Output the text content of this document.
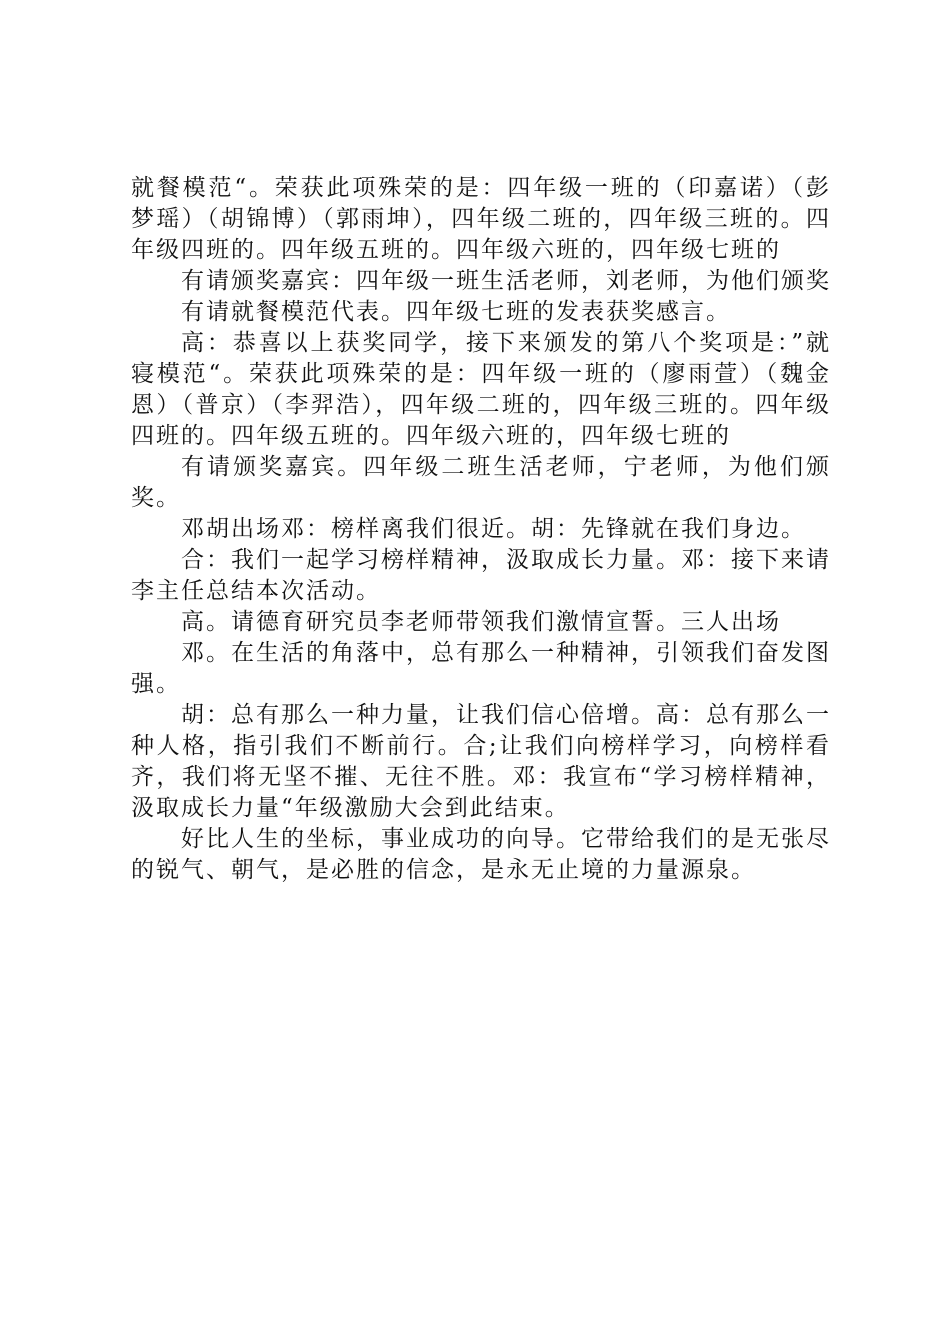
就餐模范“。荣获此项殊荣的是：四年级一班的（印嘉诺）（彭梦瑶）（胡锦博）（郭雨坤），四年级二班的，四年级三班的。四年级四班的。四年级五班的。四年级六班的，四年级七班的

有请颁奖嘉宾：四年级一班生活老师，刘老师，为他们颁奖

有请就餐模范代表。四年级七班的发表获奖感言。

高：恭喜以上获奖同学，接下来颁发的第八个奖项是：”就寝模范“。荣获此项殊荣的是：四年级一班的（廖雨萱）（魏金恩）（普京）（李羿浩），四年级二班的，四年级三班的。四年级四班的。四年级五班的。四年级六班的，四年级七班的

有请颁奖嘉宾。四年级二班生活老师，宁老师，为他们颁奖。

邓胡出场邓：榜样离我们很近。胡：先锋就在我们身边。

合：我们一起学习榜样精神，汲取成长力量。邓：接下来请李主任总结本次活动。

高。请德育研究员李老师带领我们激情宣誓。三人出场

邓。在生活的角落中，总有那么一种精神，引领我们奋发图强。

胡：总有那么一种力量，让我们信心倍增。高：总有那么一种人格，指引我们不断前行。合;让我们向榜样学习，向榜样看齐，我们将无坚不摧、无往不胜。邓：我宣布“学习榜样精神，汲取成长力量“年级激励大会到此结束。

好比人生的坐标，事业成功的向导。它带给我们的是无张尽的锐气、朝气，是必胜的信念，是永无止境的力量源泉。
